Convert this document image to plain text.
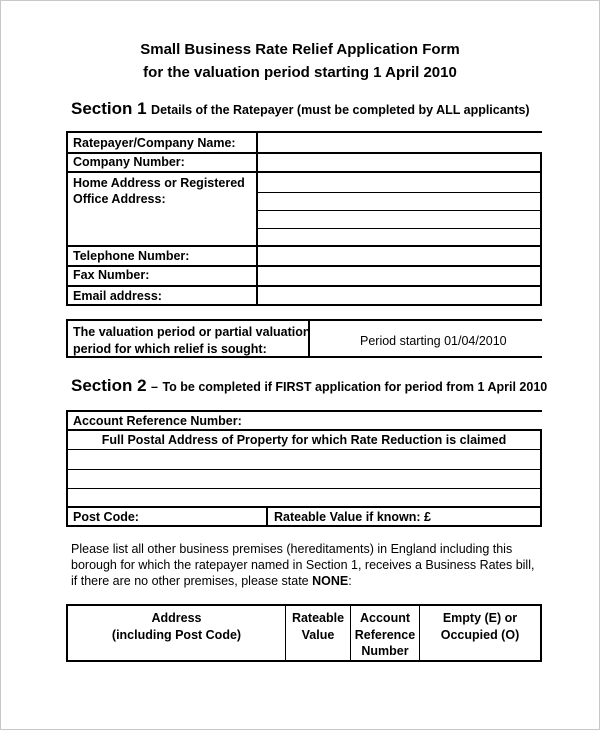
Small Business Rate Relief Application Form
for the valuation period starting 1 April 2010
Section 1 Details of the Ratepayer (must be completed by ALL applicants)
Ratepayer/Company Name:
Company Number:
Home Address or Registered
Office Address:
Telephone Number:
Fax Number:
Email address:
The valuation period or partial valuation
period for which relief is sought:
Period starting 01/04/2010
Section 2 – To be completed if FIRST application for period from 1 April 2010
Account Reference Number:
Full Postal Address of Property for which Rate Reduction is claimed
Post Code:	Rateable Value if known: £
Please list all other business premises (hereditaments) in England including this borough for which the ratepayer named in Section 1, receives a Business Rates bill, if there are no other premises, please state NONE:
Address
(including Post Code)
Rateable
Value
Account
Reference
Number
Empty (E) or
Occupied (O)
